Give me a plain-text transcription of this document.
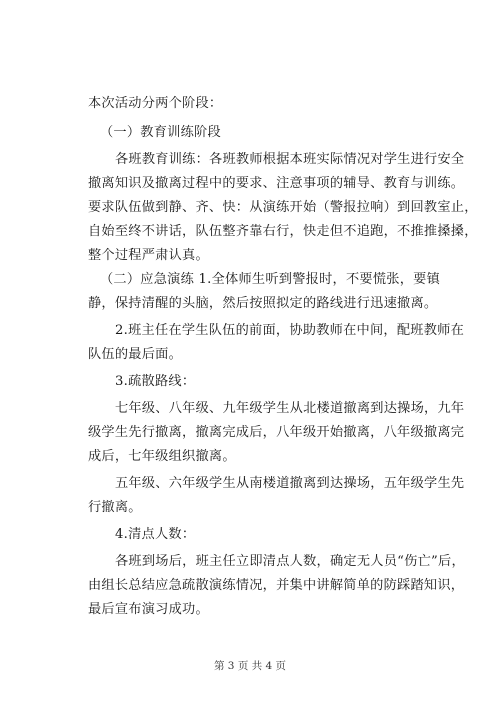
本次活动分两个阶段：
（一）教育训练阶段
各班教育训练：各班教师根据本班实际情况对学生进行安全
撤离知识及撤离过程中的要求、注意事项的辅导、教育与训练。
要求队伍做到静、齐、快：从演练开始（警报拉响）到回教室止，
自始至终不讲话，队伍整齐靠右行，快走但不追跑，不推推搡搡，
整个过程严肃认真。
（二）应急演练 1.全体师生听到警报时，不要慌张，要镇
静，保持清醒的头脑，然后按照拟定的路线进行迅速撤离。
2.班主任在学生队伍的前面，协助教师在中间，配班教师在
队伍的最后面。
3.疏散路线：
七年级、八年级、九年级学生从北楼道撤离到达操场，九年
级学生先行撤离，撤离完成后，八年级开始撤离，八年级撤离完
成后，七年级组织撤离。
五年级、六年级学生从南楼道撤离到达操场，五年级学生先
行撤离。
4.清点人数：
各班到场后，班主任立即清点人数，确定无人员“伤亡”后，
由组长总结应急疏散演练情况，并集中讲解简单的防踩踏知识，
最后宣布演习成功。
第 3 页 共 4 页
